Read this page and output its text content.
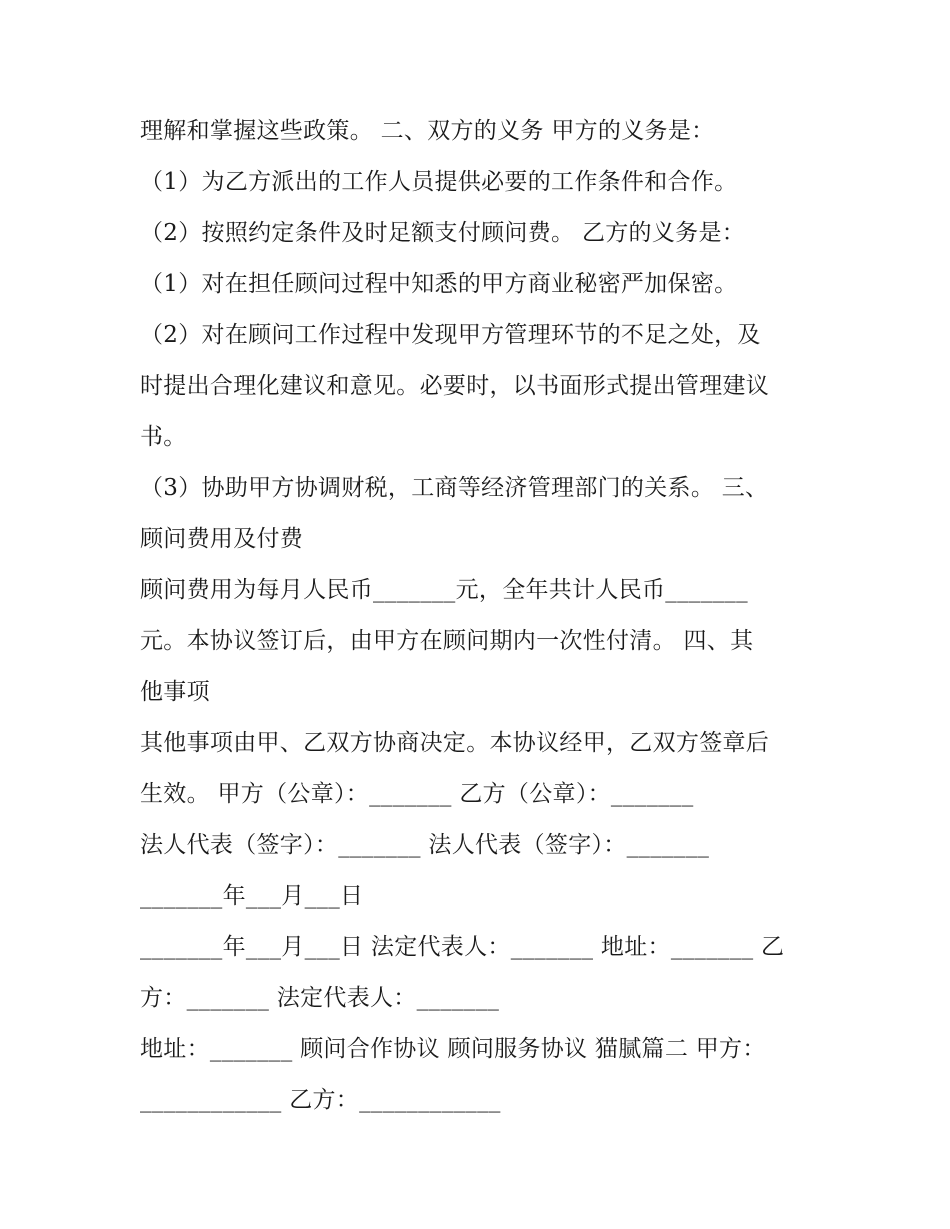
理解和掌握这些政策。 二、双方的义务 甲方的义务是：
（1）为乙方派出的工作人员提供必要的工作条件和合作。
（2）按照约定条件及时足额支付顾问费。 乙方的义务是：
（1）对在担任顾问过程中知悉的甲方商业秘密严加保密。
（2）对在顾问工作过程中发现甲方管理环节的不足之处，及
时提出合理化建议和意见。必要时，以书面形式提出管理建议
书。
（3）协助甲方协调财税，工商等经济管理部门的关系。 三、
顾问费用及付费
顾问费用为每月人民币_______元，全年共计人民币_______
元。本协议签订后，由甲方在顾问期内一次性付清。 四、其
他事项
其他事项由甲、乙双方协商决定。本协议经甲，乙双方签章后
生效。 甲方（公章）：_______ 乙方（公章）：_______
法人代表（签字）：_______ 法人代表（签字）：_______
_______年___月___日
_______年___月___日 法定代表人：_______ 地址：_______ 乙
方：_______ 法定代表人：_______
地址：_______ 顾问合作协议 顾问服务协议 猫腻篇二 甲方：
____________ 乙方：____________
